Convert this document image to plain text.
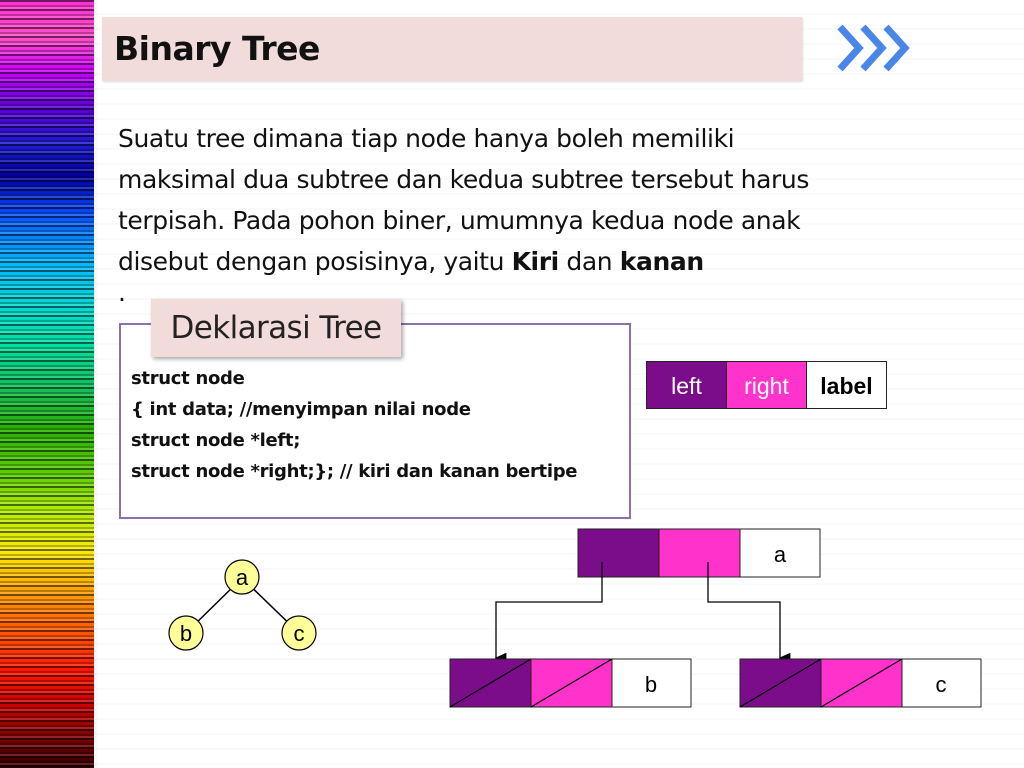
Binary Tree
Suatu tree dimana tiap node hanya boleh memiliki
maksimal dua subtree dan kedua subtree tersebut harus
terpisah. Pada pohon biner, umumnya kedua node anak
disebut dengan posisinya, yaitu Kiri dan kanan
.
struct node
{ int data; //menyimpan nilai node
struct node *left;
struct node *right;}; // kiri dan kanan bertipe
Deklarasi Tree
left	right	label
a
b	c
a
b	c
